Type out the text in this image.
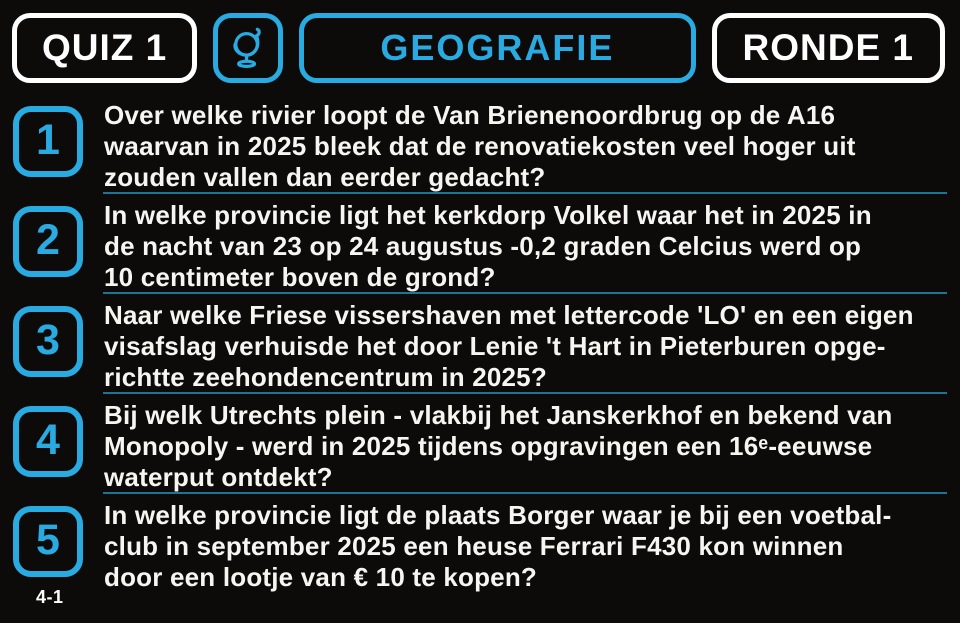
QUIZ 1	GEOGRAFIE	RONDE 1
1
Over welke rivier loopt de Van Brienenoordbrug op de A16
waarvan in 2025 bleek dat de renovatiekosten veel hoger uit
zouden vallen dan eerder gedacht?
2
In welke provincie ligt het kerkdorp Volkel waar het in 2025 in
de nacht van 23 op 24 augustus -0,2 graden Celcius werd op
10 centimeter boven de grond?
3
Naar welke Friese vissershaven met lettercode 'LO' en een eigen
visafslag verhuisde het door Lenie 't Hart in Pieterburen opge-
richtte zeehondencentrum in 2025?
4
Bij welk Utrechts plein - vlakbij het Janskerkhof en bekend van
Monopoly - werd in 2025 tijdens opgravingen een 16ᵉ-eeuwse
waterput ontdekt?
5
In welke provincie ligt de plaats Borger waar je bij een voetbal-
club in september 2025 een heuse Ferrari F430 kon winnen
door een lootje van € 10 te kopen?
4-1
